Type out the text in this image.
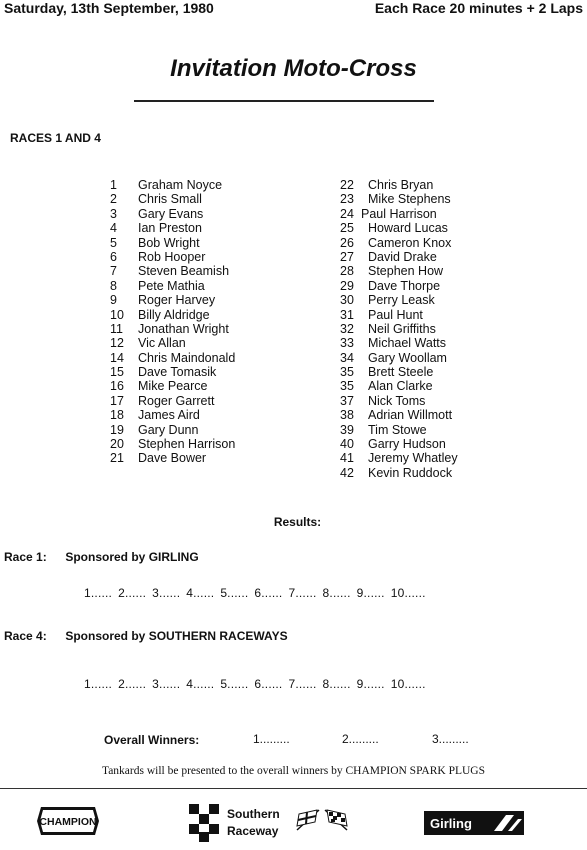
Saturday, 13th September, 1980	Each Race 20 minutes + 2 Laps
Invitation Moto-Cross
RACES 1 AND 4
1	Graham Noyce
2	Chris Small
3	Gary Evans
4	Ian Preston
5	Bob Wright
6	Rob Hooper
7	Steven Beamish
8	Pete Mathia
9	Roger Harvey
10	Billy Aldridge
11	Jonathan Wright
12	Vic Allan
14	Chris Maindonald
15	Dave Tomasik
16	Mike Pearce
17	Roger Garrett
18	James Aird
19	Gary Dunn
20	Stephen Harrison
21	Dave Bower
22	Chris Bryan
23	Mike Stephens
24 Paul Harrison
25	Howard Lucas
26	Cameron Knox
27	David Drake
28	Stephen How
29	Dave Thorpe
30	Perry Leask
31	Paul Hunt
32	Neil Griffiths
33	Michael Watts
34	Gary Woollam
35	Brett Steele
35	Alan Clarke
37	Nick Toms
38	Adrian Willmott
39	Tim Stowe
40	Garry Hudson
41	Jeremy Whatley
42	Kevin Ruddock
Results:
Race 1: Sponsored by GIRLING
1...... 2...... 3...... 4...... 5...... 6...... 7...... 8...... 9...... 10......
Race 4: Sponsored by SOUTHERN RACEWAYS
1...... 2...... 3...... 4...... 5...... 6...... 7...... 8...... 9...... 10......
Overall Winners:	1.........	2.........	3.........
Tankards will be presented to the overall winners by CHAMPION SPARK PLUGS
CHAMPION
Southern
Raceway	Girling
